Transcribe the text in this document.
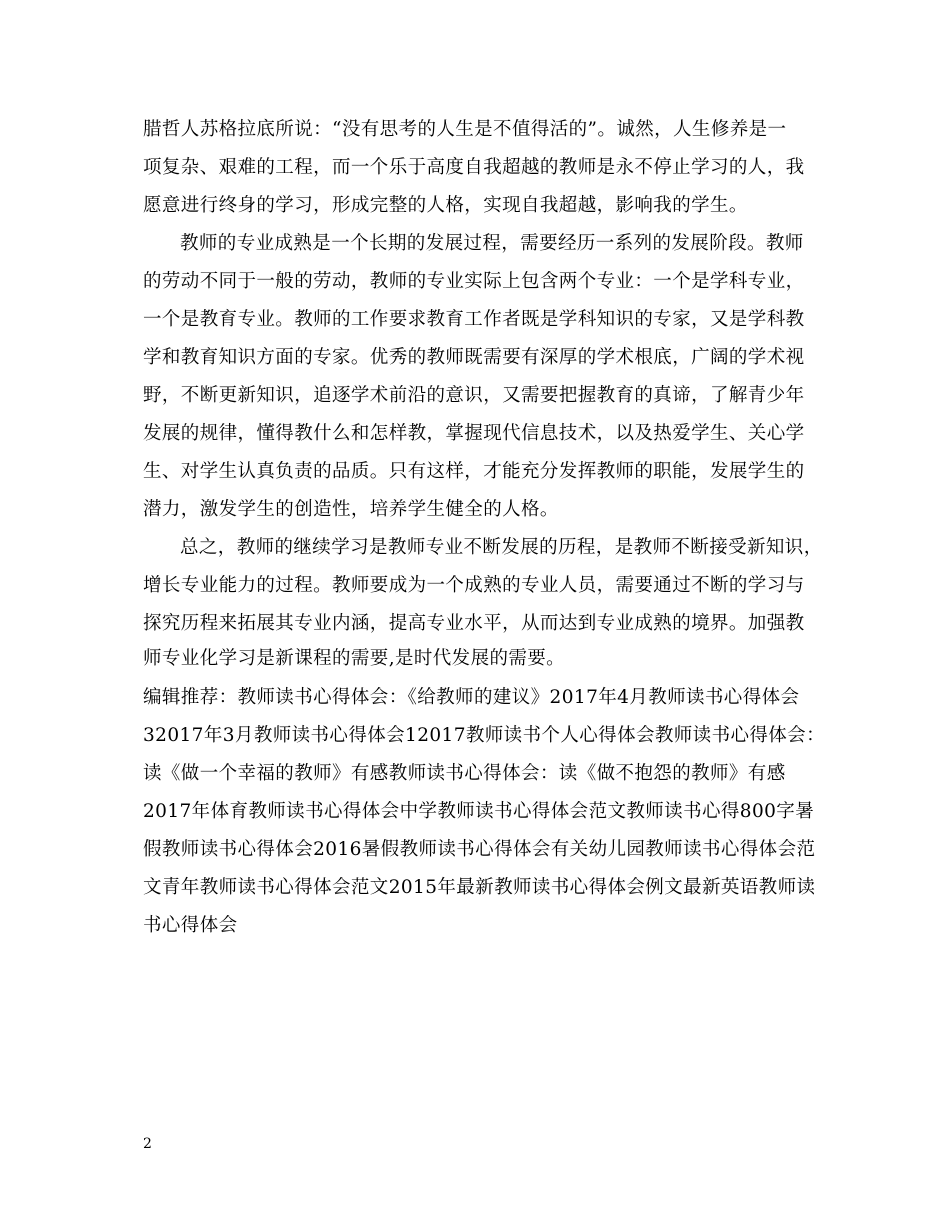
腊哲人苏格拉底所说：“没有思考的人生是不值得活的”。诚然，人生修养是一
项复杂、艰难的工程，而一个乐于高度自我超越的教师是永不停止学习的人，我
愿意进行终身的学习，形成完整的人格，实现自我超越，影响我的学生。
教师的专业成熟是一个长期的发展过程，需要经历一系列的发展阶段。教师
的劳动不同于一般的劳动，教师的专业实际上包含两个专业：一个是学科专业，
一个是教育专业。教师的工作要求教育工作者既是学科知识的专家，又是学科教
学和教育知识方面的专家。优秀的教师既需要有深厚的学术根底，广阔的学术视
野，不断更新知识，追逐学术前沿的意识，又需要把握教育的真谛，了解青少年
发展的规律，懂得教什么和怎样教，掌握现代信息技术，以及热爱学生、关心学
生、对学生认真负责的品质。只有这样，才能充分发挥教师的职能，发展学生的
潜力，激发学生的创造性，培养学生健全的人格。
总之，教师的继续学习是教师专业不断发展的历程，是教师不断接受新知识，
增长专业能力的过程。教师要成为一个成熟的专业人员，需要通过不断的学习与
探究历程来拓展其专业内涵，提高专业水平，从而达到专业成熟的境界。加强教
师专业化学习是新课程的需要,是时代发展的需要。
编辑推荐：教师读书心得体会：《给教师的建议》2017年4月教师读书心得体会
32017年3月教师读书心得体会12017教师读书个人心得体会教师读书心得体会：
读《做一个幸福的教师》有感教师读书心得体会：读《做不抱怨的教师》有感
2017年体育教师读书心得体会中学教师读书心得体会范文教师读书心得800字暑
假教师读书心得体会2016暑假教师读书心得体会有关幼儿园教师读书心得体会范
文青年教师读书心得体会范文2015年最新教师读书心得体会例文最新英语教师读
书心得体会
2
